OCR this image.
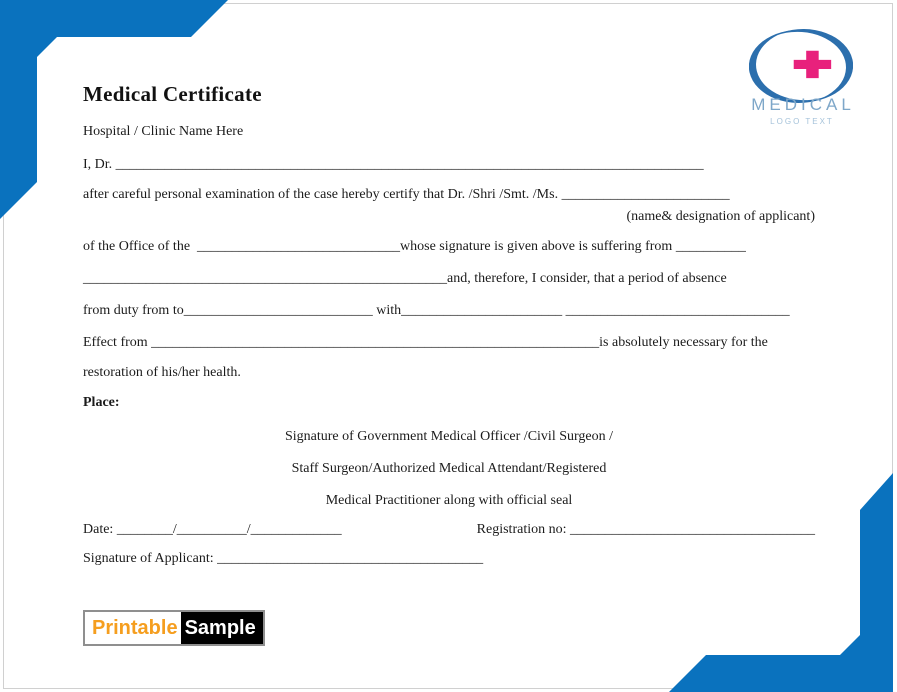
MEDICAL
LOGO TEXT
Medical Certificate
Hospital / Clinic Name Here
I, Dr. ____________________________________________________________________________________
after careful personal examination of the case hereby certify that Dr. /Shri /Smt. /Ms. ________________________
(name& designation of applicant)
of the Office of the  _____________________________whose signature is given above is suffering from __________
____________________________________________________and, therefore, I consider, that a period of absence
from duty from to___________________________ with_______________________ ________________________________
Effect from ________________________________________________________________is absolutely necessary for the
restoration of his/her health.
Place:
Signature of Government Medical Officer /Civil Surgeon /
Staff Surgeon/Authorized Medical Attendant/Registered
Medical Practitioner along with official seal
Date: ________/__________/_____________	Registration no: ___________________________________
Signature of Applicant: ______________________________________
Printable Sample
